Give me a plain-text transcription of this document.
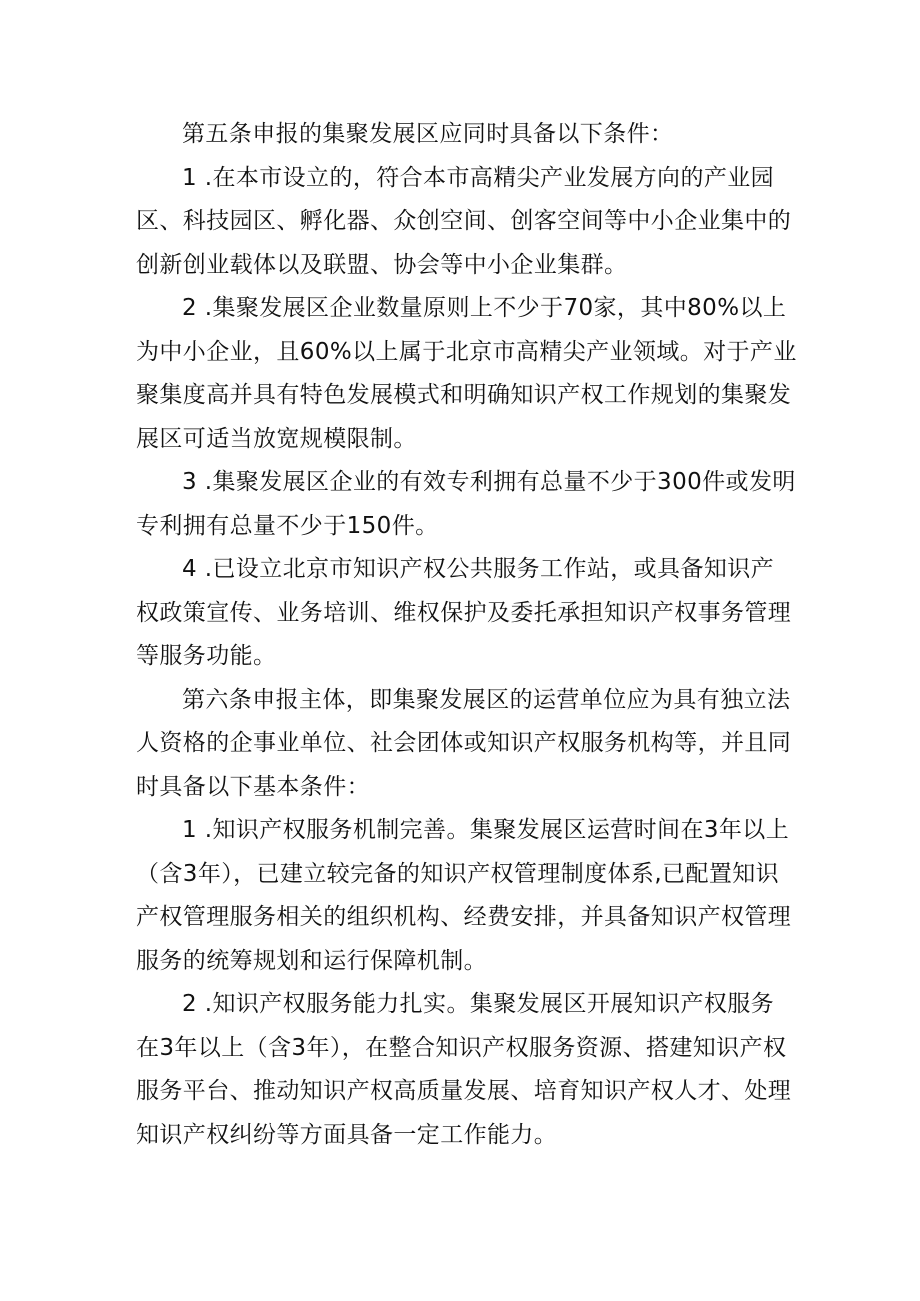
第五条申报的集聚发展区应同时具备以下条件：
1 .在本市设立的，符合本市高精尖产业发展方向的产业园
区、科技园区、孵化器、众创空间、创客空间等中小企业集中的
创新创业载体以及联盟、协会等中小企业集群。
2 .集聚发展区企业数量原则上不少于70家，其中80%以上
为中小企业，且60%以上属于北京市高精尖产业领域。对于产业
聚集度高并具有特色发展模式和明确知识产权工作规划的集聚发
展区可适当放宽规模限制。
3 .集聚发展区企业的有效专利拥有总量不少于300件或发明
专利拥有总量不少于150件。
4 .已设立北京市知识产权公共服务工作站，或具备知识产
权政策宣传、业务培训、维权保护及委托承担知识产权事务管理
等服务功能。
第六条申报主体，即集聚发展区的运营单位应为具有独立法
人资格的企事业单位、社会团体或知识产权服务机构等，并且同
时具备以下基本条件：
1 .知识产权服务机制完善。集聚发展区运营时间在3年以上
（含3年），已建立较完备的知识产权管理制度体系,已配置知识
产权管理服务相关的组织机构、经费安排，并具备知识产权管理
服务的统筹规划和运行保障机制。
2 .知识产权服务能力扎实。集聚发展区开展知识产权服务
在3年以上（含3年），在整合知识产权服务资源、搭建知识产权
服务平台、推动知识产权高质量发展、培育知识产权人才、处理
知识产权纠纷等方面具备一定工作能力。
